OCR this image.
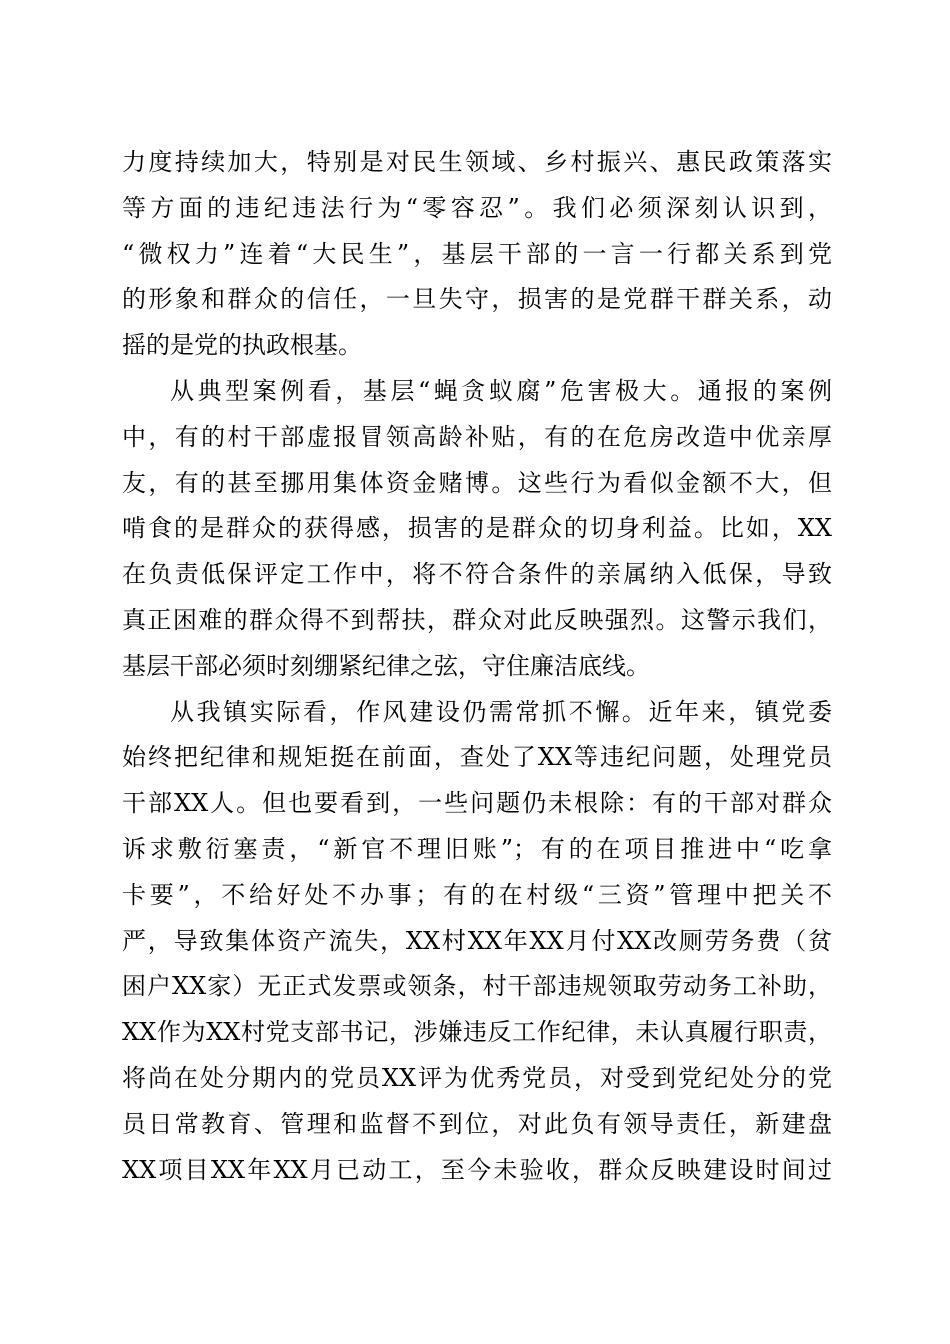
力度持续加大，特别是对民生领域、乡村振兴、惠民政策落实
等方面的违纪违法行为“零容忍”。我们必须深刻认识到，
“微权力”连着“大民生”，基层干部的一言一行都关系到党
的形象和群众的信任，一旦失守，损害的是党群干群关系，动
摇的是党的执政根基。
从典型案例看，基层“蝇贪蚁腐”危害极大。通报的案例
中，有的村干部虚报冒领高龄补贴，有的在危房改造中优亲厚
友，有的甚至挪用集体资金赌博。这些行为看似金额不大，但
啃食的是群众的获得感，损害的是群众的切身利益。比如，XX
在负责低保评定工作中，将不符合条件的亲属纳入低保，导致
真正困难的群众得不到帮扶，群众对此反映强烈。这警示我们，
基层干部必须时刻绷紧纪律之弦，守住廉洁底线。
从我镇实际看，作风建设仍需常抓不懈。近年来，镇党委
始终把纪律和规矩挺在前面，查处了XX等违纪问题，处理党员
干部XX人。但也要看到，一些问题仍未根除：有的干部对群众
诉求敷衍塞责，“新官不理旧账”；有的在项目推进中“吃拿
卡要”，不给好处不办事；有的在村级“三资”管理中把关不
严，导致集体资产流失，XX村XX年XX月付XX改厕劳务费（贫
困户XX家）无正式发票或领条，村干部违规领取劳动务工补助，
XX作为XX村党支部书记，涉嫌违反工作纪律，未认真履行职责，
将尚在处分期内的党员XX评为优秀党员，对受到党纪处分的党
员日常教育、管理和监督不到位，对此负有领导责任，新建盘
XX项目XX年XX月已动工，至今未验收，群众反映建设时间过
